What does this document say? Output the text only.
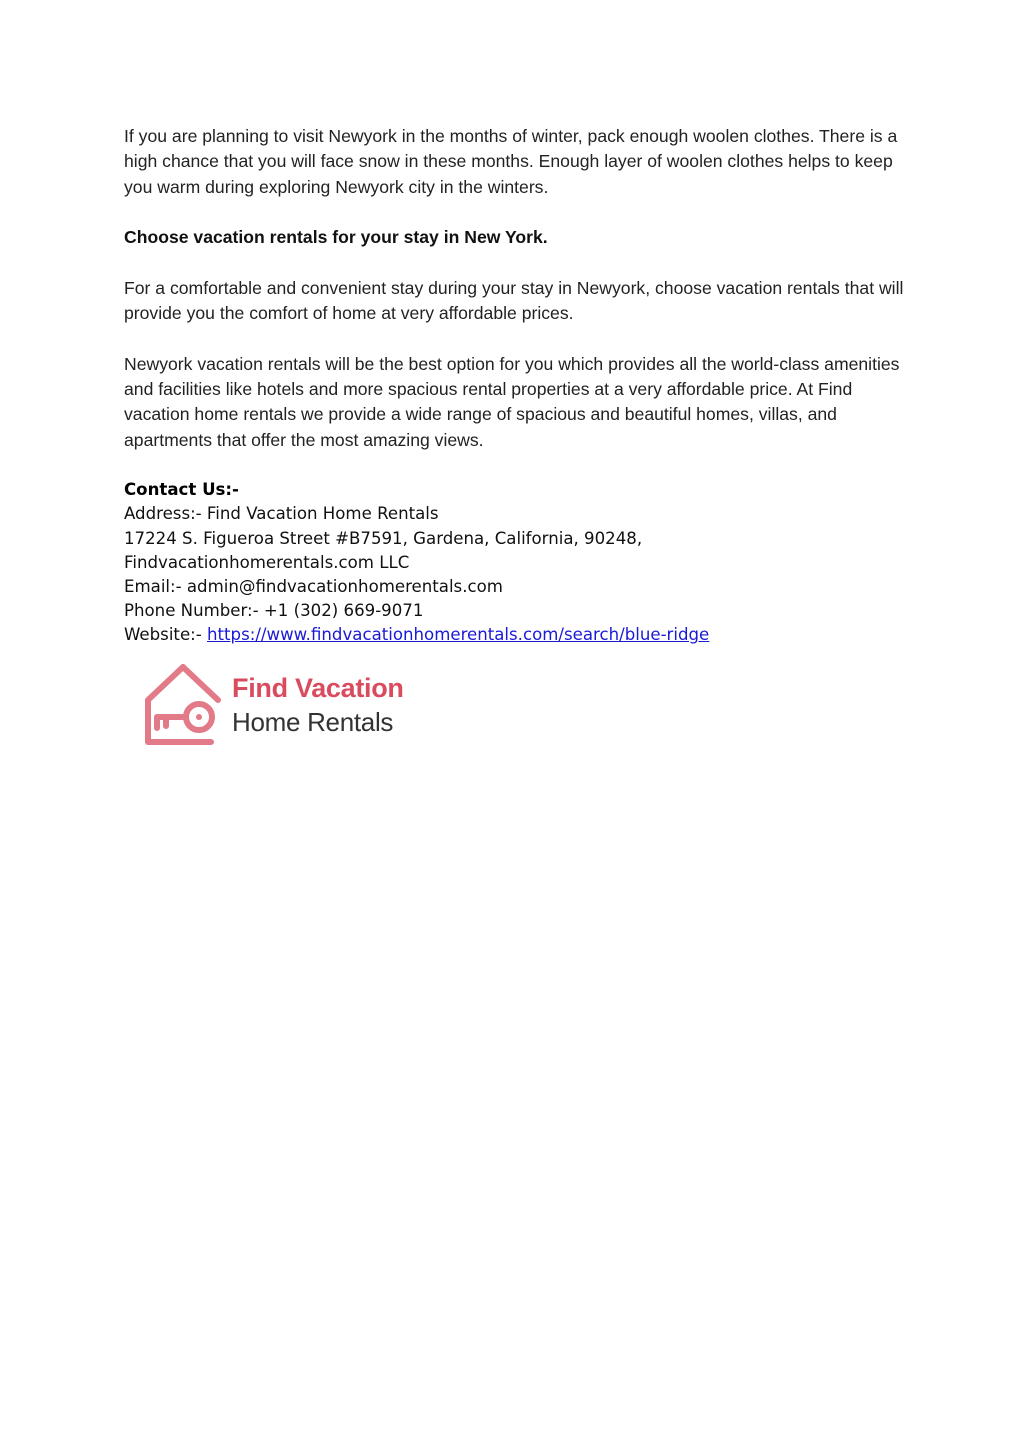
If you are planning to visit Newyork in the months of winter, pack enough woolen clothes. There is a high chance that you will face snow in these months. Enough layer of woolen clothes helps to keep you warm during exploring Newyork city in the winters.

Choose vacation rentals for your stay in New York.

For a comfortable and convenient stay during your stay in Newyork, choose vacation rentals that will provide you the comfort of home at very affordable prices.

Newyork vacation rentals will be the best option for you which provides all the world-class amenities and facilities like hotels and more spacious rental properties at a very affordable price. At Find vacation home rentals we provide a wide range of spacious and beautiful homes, villas, and apartments that offer the most amazing views.

Contact Us:-
Address:- Find Vacation Home Rentals
17224 S. Figueroa Street #B7591, Gardena, California, 90248,
Findvacationhomerentals.com LLC
Email:- admin@findvacationhomerentals.com
Phone Number:- +1 (302) 669-9071
Website:- https://www.findvacationhomerentals.com/search/blue-ridge
Find Vacation
Home Rentals
